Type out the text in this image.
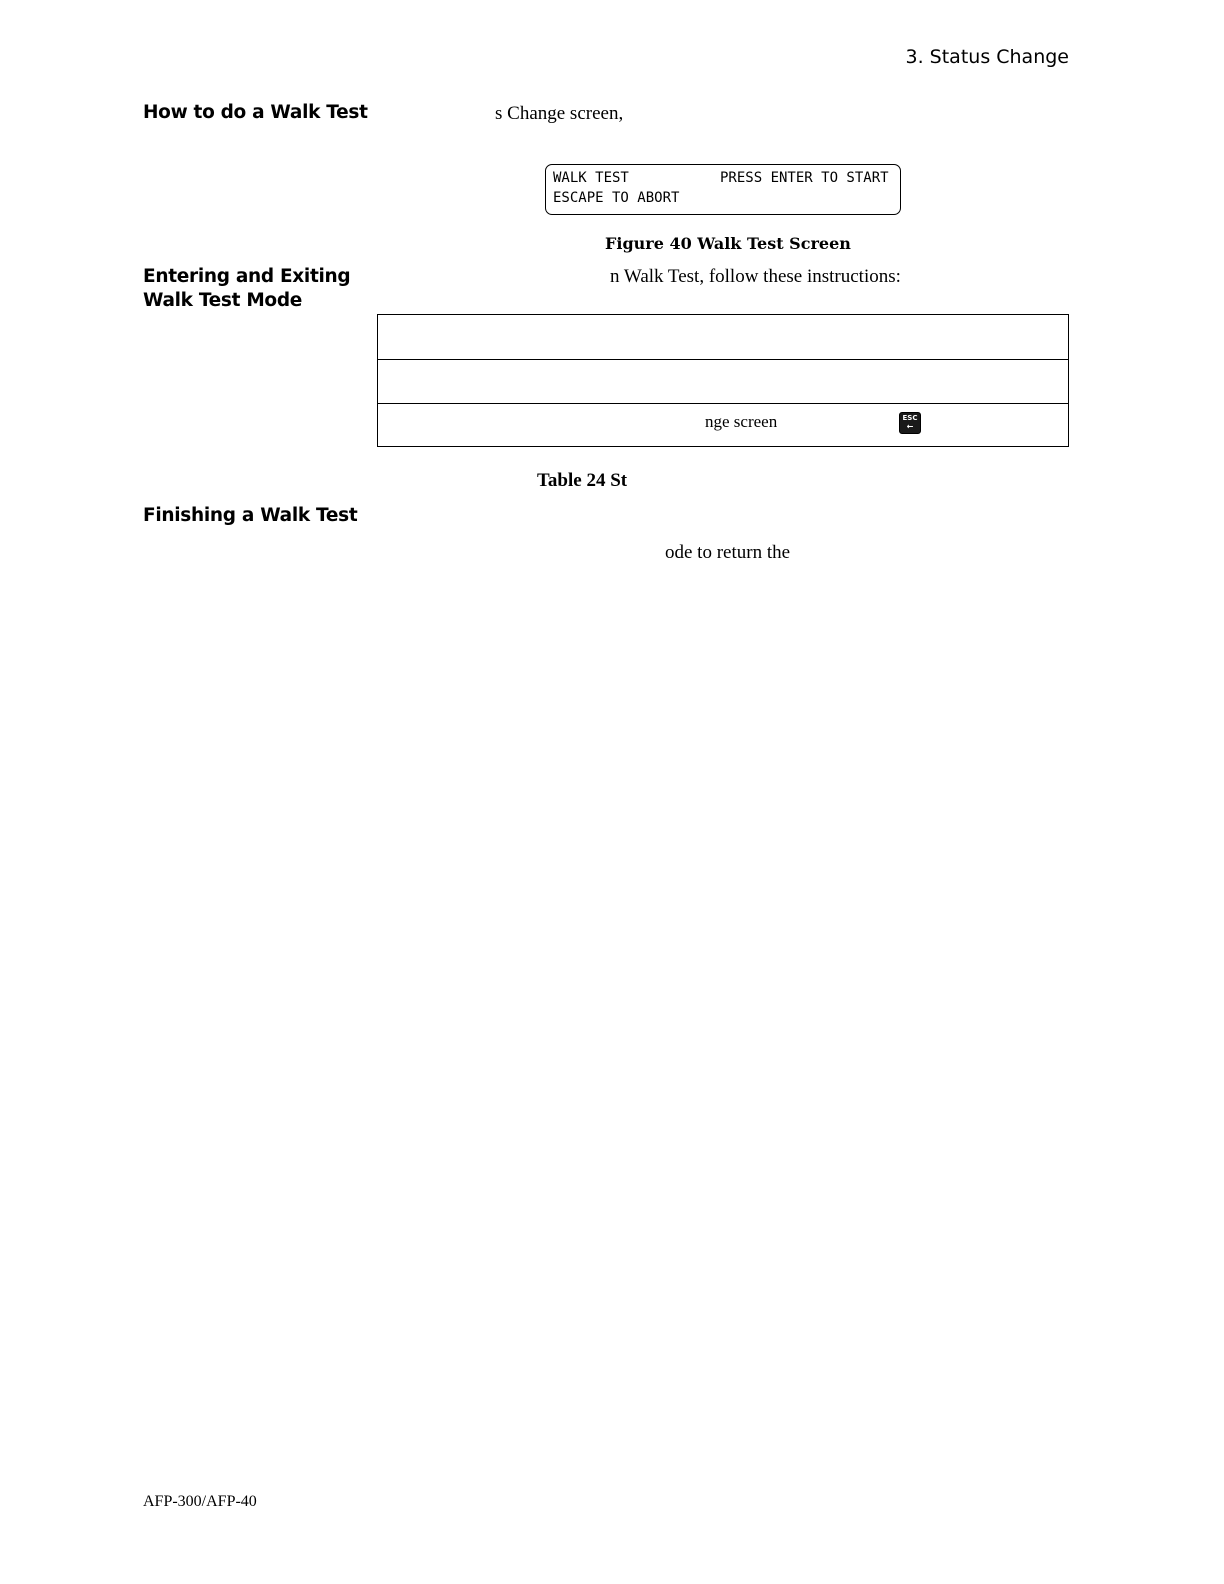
3. Status Change
How to do a Walk Test	s Change screen,
WALK TEST	PRESS ENTER TO START
ESCAPE TO ABORT
Figure 40 Walk Test Screen
Entering and Exiting
Walk Test Mode
n Walk Test, follow these instructions:
nge screen	ESC
←
Table 24 St
Finishing a Walk Test
ode to return the
AFP-300/AFP-40
